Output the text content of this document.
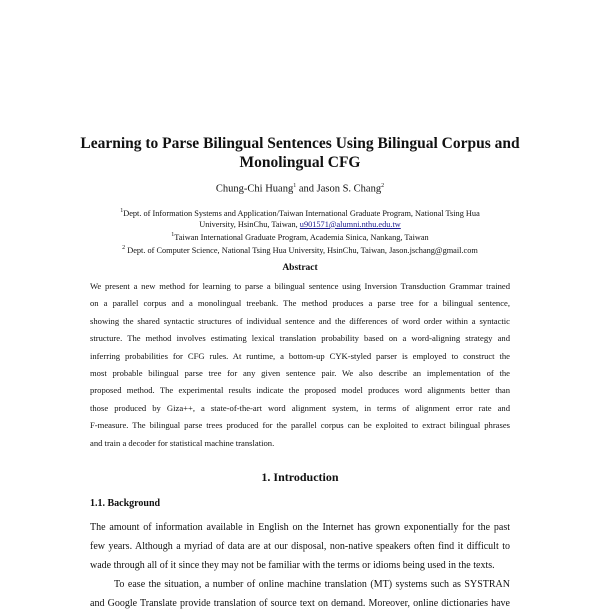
Learning to Parse Bilingual Sentences Using Bilingual Corpus and
Monolingual CFG
Chung-Chi Huang$^1$ and Jason S. Chang$^2$
$^1$Dept. of Information Systems and Application/Taiwan International Graduate Program, National Tsing Hua
University, HsinChu, Taiwan, u901571@alumni.nthu.edu.tw
$^1$Taiwan International Graduate Program, Academia Sinica, Nankang, Taiwan
$^2$ Dept. of Computer Science, National Tsing Hua University, HsinChu, Taiwan, Jason.jschang@gmail.com
Abstract
We present a new method for learning to parse a bilingual sentence using Inversion Transduction Grammar trained
on a parallel corpus and a monolingual treebank. The method produces a parse tree for a bilingual sentence,
showing the shared syntactic structures of individual sentence and the differences of word order within a syntactic
structure. The method involves estimating lexical translation probability based on a word-aligning strategy and
inferring probabilities for CFG rules. At runtime, a bottom-up CYK-styled parser is employed to construct the
most probable bilingual parse tree for any given sentence pair. We also describe an implementation of the
proposed method. The experimental results indicate the proposed model produces word alignments better than
those produced by Giza++, a state-of-the-art word alignment system, in terms of alignment error rate and
F-measure. The bilingual parse trees produced for the parallel corpus can be exploited to extract bilingual phrases
and train a decoder for statistical machine translation.
1. Introduction
1.1. Background
The amount of information available in English on the Internet has grown exponentially for the past
few years. Although a myriad of data are at our disposal, non-native speakers often find it difficult to
wade through all of it since they may not be familiar with the terms or idioms being used in the texts.
To ease the situation, a number of online machine translation (MT) systems such as SYSTRAN
and Google Translate provide translation of source text on demand. Moreover, online dictionaries have
